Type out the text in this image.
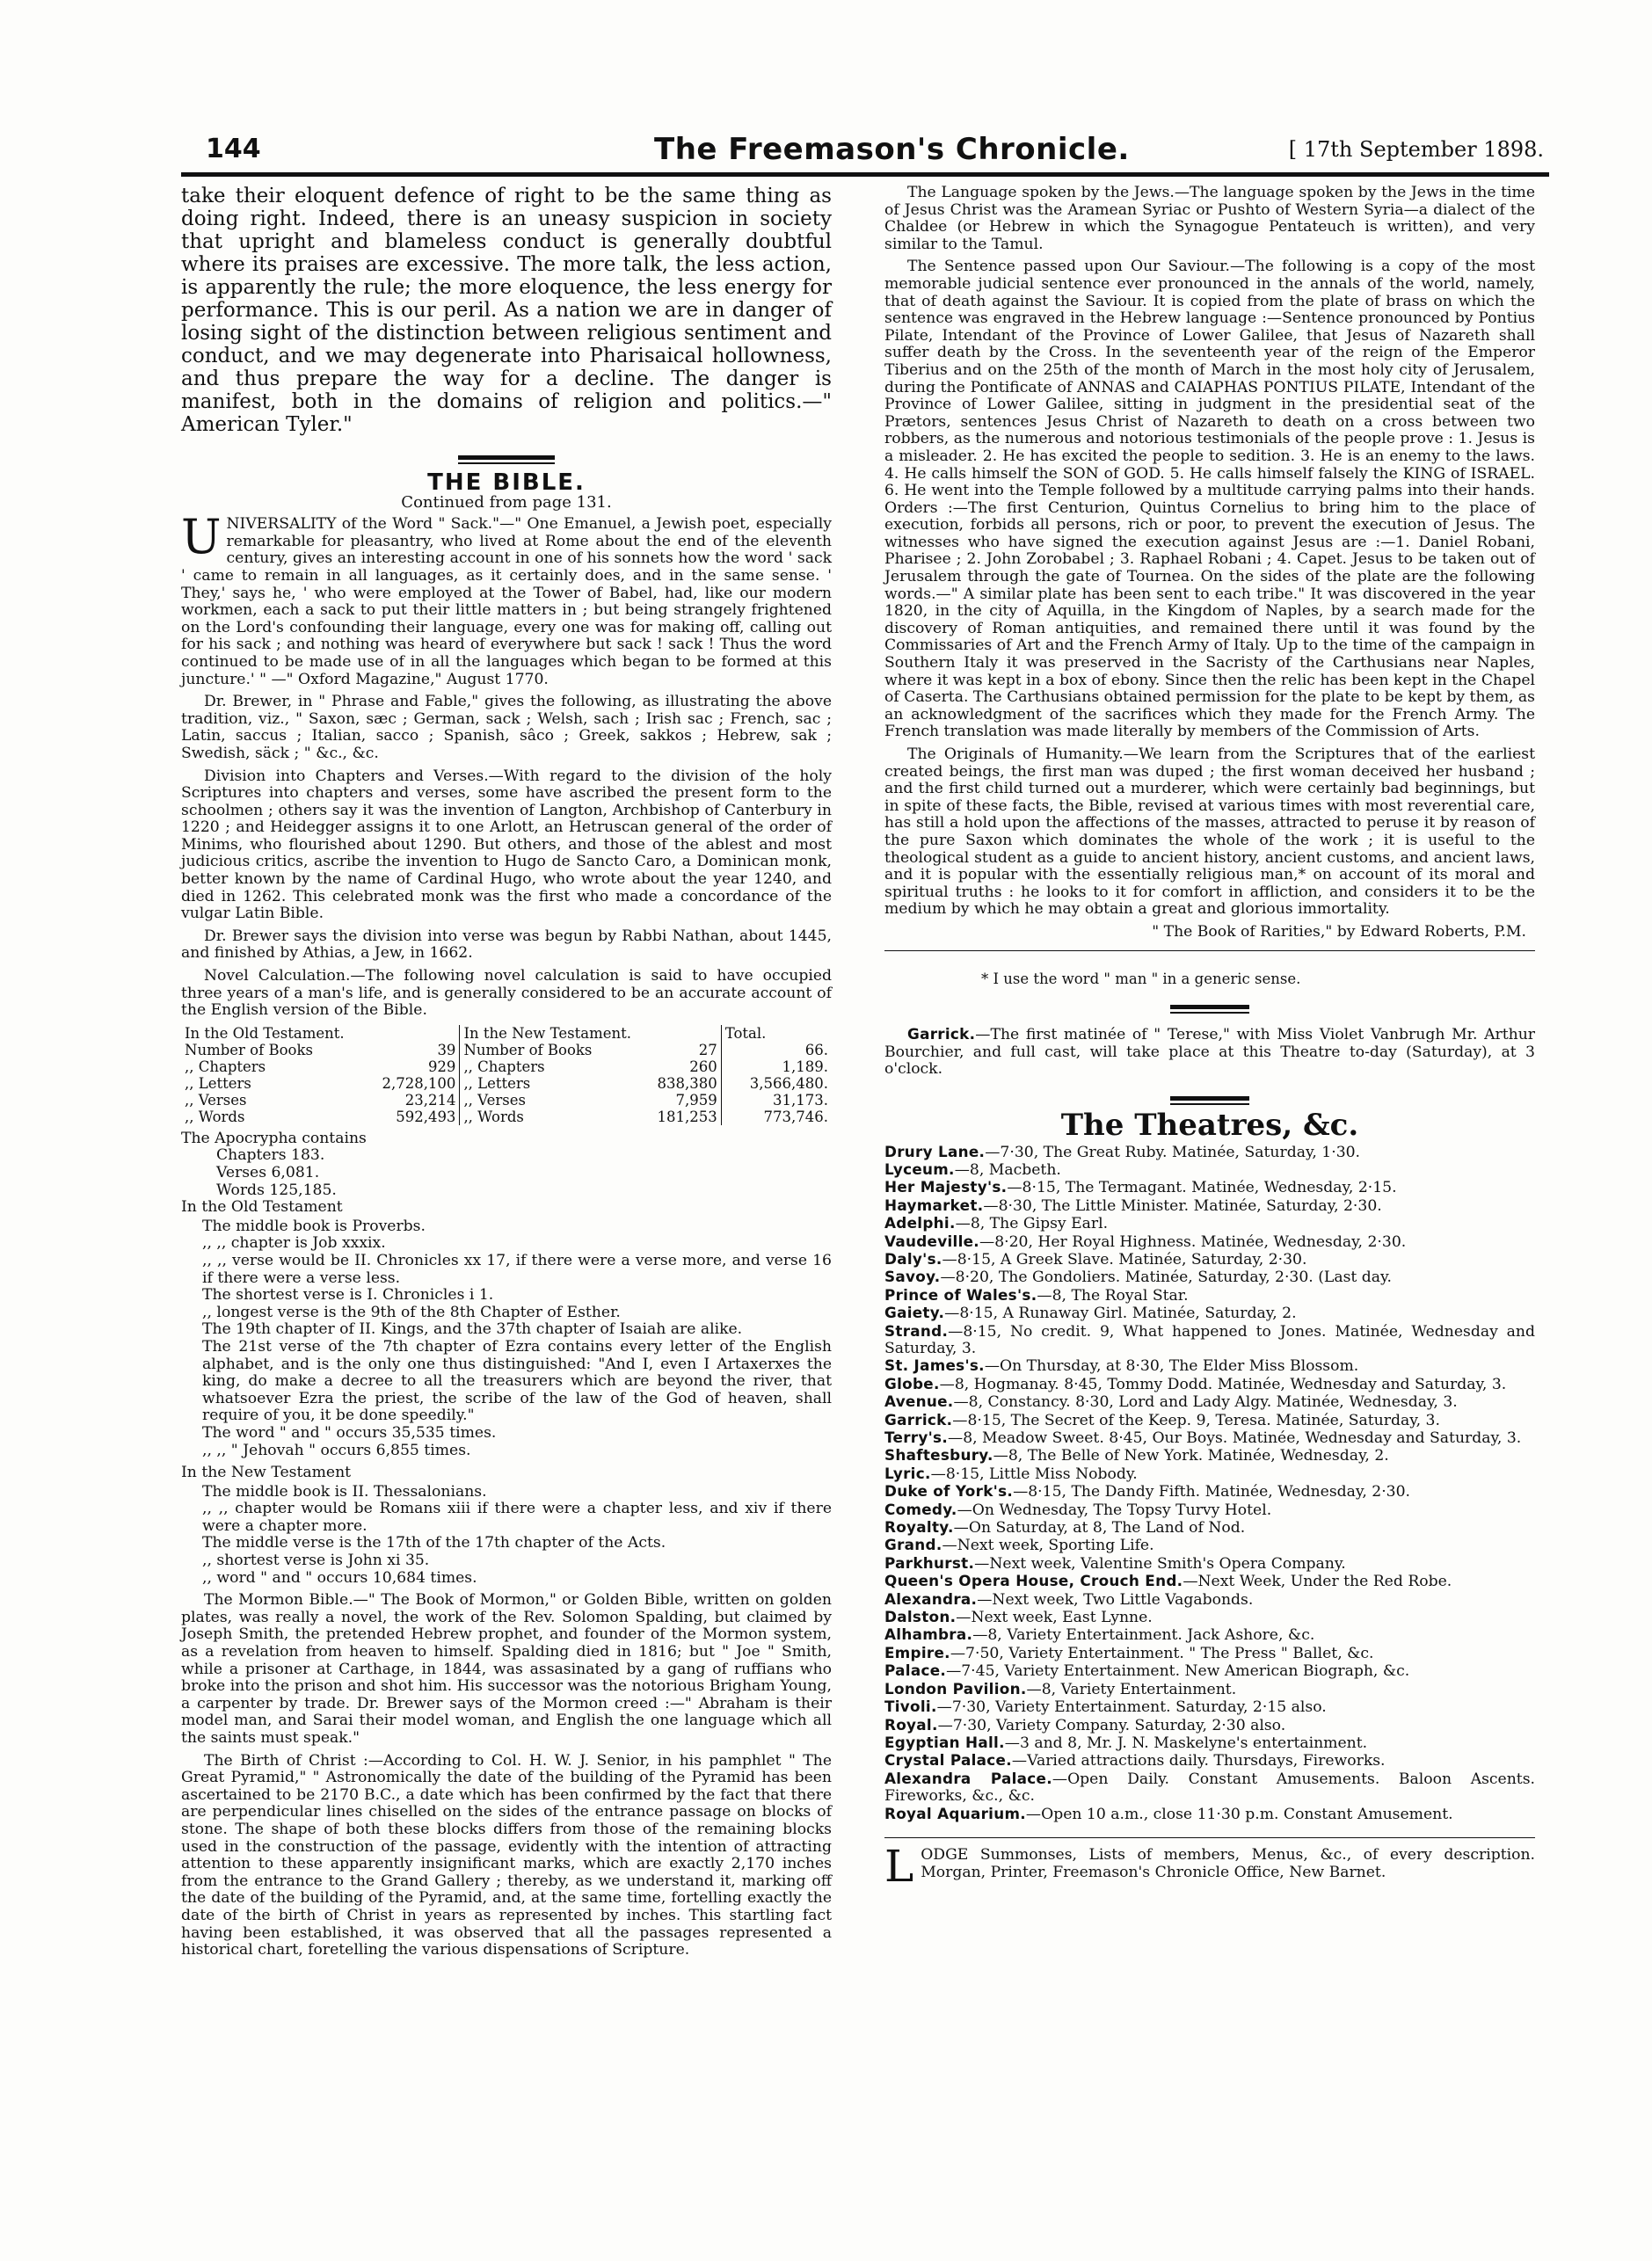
144	The Freemason's Chronicle.	[ 17th September 1898.

take their eloquent defence of right to be the same thing as doing right. Indeed, there is an uneasy suspicion in society that upright and blameless conduct is generally doubtful where its praises are excessive. The more talk, the less action, is apparently the rule; the more eloquence, the less energy for performance. This is our peril. As a nation we are in danger of losing sight of the distinction between religious sentiment and conduct, and we may degenerate into Pharisaical hollowness, and thus prepare the way for a decline. The danger is manifest, both in the domains of religion and politics.—" American Tyler."

THE BIBLE.
Continued from page 131.

UNIVERSALITY of the Word " Sack."—" One Emanuel, a Jewish poet, especially remarkable for pleasantry, who lived at Rome about the end of the eleventh century, gives an interesting account in one of his sonnets how the word ' sack ' came to remain in all languages, as it certainly does, and in the same sense. ' They,' says he, ' who were employed at the Tower of Babel, had, like our modern workmen, each a sack to put their little matters in ; but being strangely frightened on the Lord's confounding their language, every one was for making off, calling out for his sack ; and nothing was heard of everywhere but sack ! sack ! Thus the word continued to be made use of in all the languages which began to be formed at this juncture.' " —" Oxford Magazine," August 1770.

Dr. Brewer, in " Phrase and Fable," gives the following, as illustrating the above tradition, viz., " Saxon, sæc ; German, sack ; Welsh, sach ; Irish sac ; French, sac ; Latin, saccus ; Italian, sacco ; Spanish, sâco ; Greek, sakkos ; Hebrew, sak ; Swedish, säck ; " &c., &c.

Division into Chapters and Verses.—With regard to the division of the holy Scriptures into chapters and verses, some have ascribed the present form to the schoolmen ; others say it was the invention of Langton, Archbishop of Canterbury in 1220 ; and Heidegger assigns it to one Arlott, an Hetruscan general of the order of Minims, who flourished about 1290. But others, and those of the ablest and most judicious critics, ascribe the invention to Hugo de Sancto Caro, a Dominican monk, better known by the name of Cardinal Hugo, who wrote about the year 1240, and died in 1262. This celebrated monk was the first who made a concordance of the vulgar Latin Bible.

Dr. Brewer says the division into verse was begun by Rabbi Nathan, about 1445, and finished by Athias, a Jew, in 1662.

Novel Calculation.—The following novel calculation is said to have occupied three years of a man's life, and is generally considered to be an accurate account of the English version of the Bible.

In the Old Testament.		In the New Testament.		Total.
Number of Books	39	Number of Books	27	66.
,, Chapters	929	,, Chapters	260	1,189.
,, Letters	2,728,100	,, Letters	838,380	3,566,480.
,, Verses	23,214	,, Verses	7,959	31,173.
,, Words	592,493	,, Words	181,253	773,746.
The Apocrypha contains
Chapters 183.
Verses 6,081.
Words 125,185.
In the Old Testament
The middle book is Proverbs.
,, ,, chapter is Job xxxix.
,, ,, verse would be II. Chronicles xx 17, if there were a verse more, and verse 16 if there were a verse less.
The shortest verse is I. Chronicles i 1.
,, longest verse is the 9th of the 8th Chapter of Esther.
The 19th chapter of II. Kings, and the 37th chapter of Isaiah are alike.
The 21st verse of the 7th chapter of Ezra contains every letter of the English alphabet, and is the only one thus distinguished: "And I, even I Artaxerxes the king, do make a decree to all the treasurers which are beyond the river, that whatsoever Ezra the priest, the scribe of the law of the God of heaven, shall require of you, it be done speedily."
The word " and " occurs 35,535 times.
,, ,, " Jehovah " occurs 6,855 times.
In the New Testament
The middle book is II. Thessalonians.
,, ,, chapter would be Romans xiii if there were a chapter less, and xiv if there were a chapter more.
The middle verse is the 17th of the 17th chapter of the Acts.
,, shortest verse is John xi 35.
,, word " and " occurs 10,684 times.

The Mormon Bible.—" The Book of Mormon," or Golden Bible, written on golden plates, was really a novel, the work of the Rev. Solomon Spalding, but claimed by Joseph Smith, the pretended Hebrew prophet, and founder of the Mormon system, as a revelation from heaven to himself. Spalding died in 1816; but " Joe " Smith, while a prisoner at Carthage, in 1844, was assasinated by a gang of ruffians who broke into the prison and shot him. His successor was the notorious Brigham Young, a carpenter by trade. Dr. Brewer says of the Mormon creed :—" Abraham is their model man, and Sarai their model woman, and English the one language which all the saints must speak."

The Birth of Christ :—According to Col. H. W. J. Senior, in his pamphlet " The Great Pyramid," " Astronomically the date of the building of the Pyramid has been ascertained to be 2170 B.C., a date which has been confirmed by the fact that there are perpendicular lines chiselled on the sides of the entrance passage on blocks of stone. The shape of both these blocks differs from those of the remaining blocks used in the construction of the passage, evidently with the intention of attracting attention to these apparently insignificant marks, which are exactly 2,170 inches from the entrance to the Grand Gallery ; thereby, as we understand it, marking off the date of the building of the Pyramid, and, at the same time, fortelling exactly the date of the birth of Christ in years as represented by inches. This startling fact having been established, it was observed that all the passages represented a historical chart, foretelling the various dispensations of Scripture.

The Language spoken by the Jews.—The language spoken by the Jews in the time of Jesus Christ was the Aramean Syriac or Pushto of Western Syria—a dialect of the Chaldee (or Hebrew in which the Synagogue Pentateuch is written), and very similar to the Tamul.

The Sentence passed upon Our Saviour.—The following is a copy of the most memorable judicial sentence ever pronounced in the annals of the world, namely, that of death against the Saviour. It is copied from the plate of brass on which the sentence was engraved in the Hebrew language :—Sentence pronounced by Pontius Pilate, Intendant of the Province of Lower Galilee, that Jesus of Nazareth shall suffer death by the Cross. In the seventeenth year of the reign of the Emperor Tiberius and on the 25th of the month of March in the most holy city of Jerusalem, during the Pontificate of ANNAS and CAIAPHAS PONTIUS PILATE, Intendant of the Province of Lower Galilee, sitting in judgment in the presidential seat of the Prætors, sentences Jesus Christ of Nazareth to death on a cross between two robbers, as the numerous and notorious testimonials of the people prove : 1. Jesus is a misleader. 2. He has excited the people to sedition. 3. He is an enemy to the laws. 4. He calls himself the SON of GOD. 5. He calls himself falsely the KING of ISRAEL. 6. He went into the Temple followed by a multitude carrying palms into their hands. Orders :—The first Centurion, Quintus Cornelius to bring him to the place of execution, forbids all persons, rich or poor, to prevent the execution of Jesus. The witnesses who have signed the execution against Jesus are :—1. Daniel Robani, Pharisee ; 2. John Zorobabel ; 3. Raphael Robani ; 4. Capet. Jesus to be taken out of Jerusalem through the gate of Tournea. On the sides of the plate are the following words.—" A similar plate has been sent to each tribe." It was discovered in the year 1820, in the city of Aquilla, in the Kingdom of Naples, by a search made for the discovery of Roman antiquities, and remained there until it was found by the Commissaries of Art and the French Army of Italy. Up to the time of the campaign in Southern Italy it was preserved in the Sacristy of the Carthusians near Naples, where it was kept in a box of ebony. Since then the relic has been kept in the Chapel of Caserta. The Carthusians obtained permission for the plate to be kept by them, as an acknowledgment of the sacrifices which they made for the French Army. The French translation was made literally by members of the Commission of Arts.

The Originals of Humanity.—We learn from the Scriptures that of the earliest created beings, the first man was duped ; the first woman deceived her husband ; and the first child turned out a murderer, which were certainly bad beginnings, but in spite of these facts, the Bible, revised at various times with most reverential care, has still a hold upon the affections of the masses, attracted to peruse it by reason of the pure Saxon which dominates the whole of the work ; it is useful to the theological student as a guide to ancient history, ancient customs, and ancient laws, and it is popular with the essentially religious man,* on account of its moral and spiritual truths : he looks to it for comfort in affliction, and considers it to be the medium by which he may obtain a great and glorious immortality.

" The Book of Rarities," by Edward Roberts, P.M.
* I use the word " man " in a generic sense.

Garrick.—The first matinée of " Terese," with Miss Violet Vanbrugh Mr. Arthur Bourchier, and full cast, will take place at this Theatre to-day (Saturday), at 3 o'clock.

The Theatres, &c.
Drury Lane.—7·30, The Great Ruby. Matinée, Saturday, 1·30.
Lyceum.—8, Macbeth.
Her Majesty's.—8·15, The Termagant. Matinée, Wednesday, 2·15.
Haymarket.—8·30, The Little Minister. Matinée, Saturday, 2·30.
Adelphi.—8, The Gipsy Earl.
Vaudeville.—8·20, Her Royal Highness. Matinée, Wednesday, 2·30.
Daly's.—8·15, A Greek Slave. Matinée, Saturday, 2·30.
Savoy.—8·20, The Gondoliers. Matinée, Saturday, 2·30. (Last day.
Prince of Wales's.—8, The Royal Star.
Gaiety.—8·15, A Runaway Girl. Matinée, Saturday, 2.
Strand.—8·15, No credit. 9, What happened to Jones. Matinée, Wednesday and Saturday, 3.
St. James's.—On Thursday, at 8·30, The Elder Miss Blossom.
Globe.—8, Hogmanay. 8·45, Tommy Dodd. Matinée, Wednesday and Saturday, 3.
Avenue.—8, Constancy. 8·30, Lord and Lady Algy. Matinée, Wednesday, 3.
Garrick.—8·15, The Secret of the Keep. 9, Teresa. Matinée, Saturday, 3.
Terry's.—8, Meadow Sweet. 8·45, Our Boys. Matinée, Wednesday and Saturday, 3.
Shaftesbury.—8, The Belle of New York. Matinée, Wednesday, 2.
Lyric.—8·15, Little Miss Nobody.
Duke of York's.—8·15, The Dandy Fifth. Matinée, Wednesday, 2·30.
Comedy.—On Wednesday, The Topsy Turvy Hotel.
Royalty.—On Saturday, at 8, The Land of Nod.
Grand.—Next week, Sporting Life.
Parkhurst.—Next week, Valentine Smith's Opera Company.
Queen's Opera House, Crouch End.—Next Week, Under the Red Robe.
Alexandra.—Next week, Two Little Vagabonds.
Dalston.—Next week, East Lynne.
Alhambra.—8, Variety Entertainment. Jack Ashore, &c.
Empire.—7·50, Variety Entertainment. " The Press " Ballet, &c.
Palace.—7·45, Variety Entertainment. New American Biograph, &c.
London Pavilion.—8, Variety Entertainment.
Tivoli.—7·30, Variety Entertainment. Saturday, 2·15 also.
Royal.—7·30, Variety Company. Saturday, 2·30 also.
Egyptian Hall.—3 and 8, Mr. J. N. Maskelyne's entertainment.
Crystal Palace.—Varied attractions daily. Thursdays, Fireworks.
Alexandra Palace.—Open Daily. Constant Amusements. Baloon Ascents. Fireworks, &c., &c.
Royal Aquarium.—Open 10 a.m., close 11·30 p.m. Constant Amusement.
L ODGE Summonses, Lists of members, Menus, &c., of every description. Morgan, Printer, Freemason's Chronicle Office, New Barnet.
